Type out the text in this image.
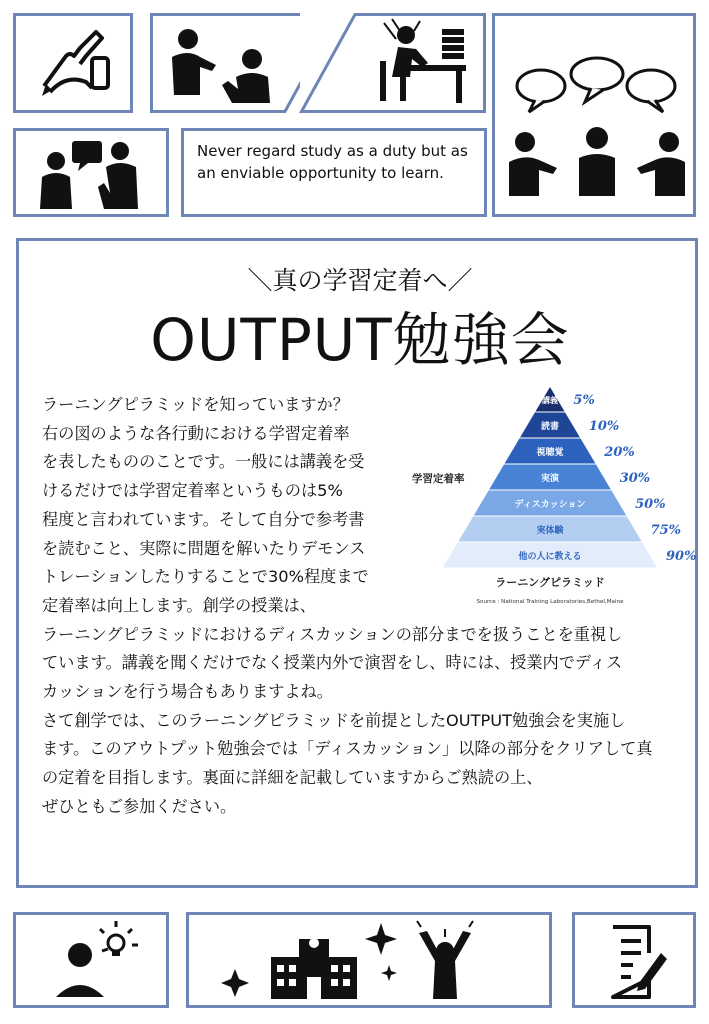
Never regard study as a duty but as an enviable opportunity to learn.
＼真の学習定着へ／
OUTPUT勉強会
ラーニングピラミッドを知っていますか？
右の図のような各行動における学習定着率
を表したもののことです。一般には講義を受
けるだけでは学習定着率というものは5%
程度と言われています。そして自分で参考書
を読むこと、実際に問題を解いたりデモンス
トレーションしたりすることで30%程度まで
定着率は向上します。創学の授業は、
ラーニングピラミッドにおけるディスカッションの部分までを扱うことを重視し
ています。講義を聞くだけでなく授業内外で演習をし、時には、授業内でディス
カッションを行う場合もありますよね。
さて創学では、このラーニングピラミッドを前提としたOUTPUT勉強会を実施し
ます。このアウトプット勉強会では「ディスカッション」以降の部分をクリアして真
の定着を目指します。裏面に詳細を記載していますからご熟読の上、
ぜひともご参加ください。
講義 5%
読書 10%
視聴覚	20%
実演	30%
ディスカッション	50%
実体験	75%
他の人に教える	90%
学習定着率
ラーニングピラミッド
Source : National Training Laboratories,Bethel,Maine
